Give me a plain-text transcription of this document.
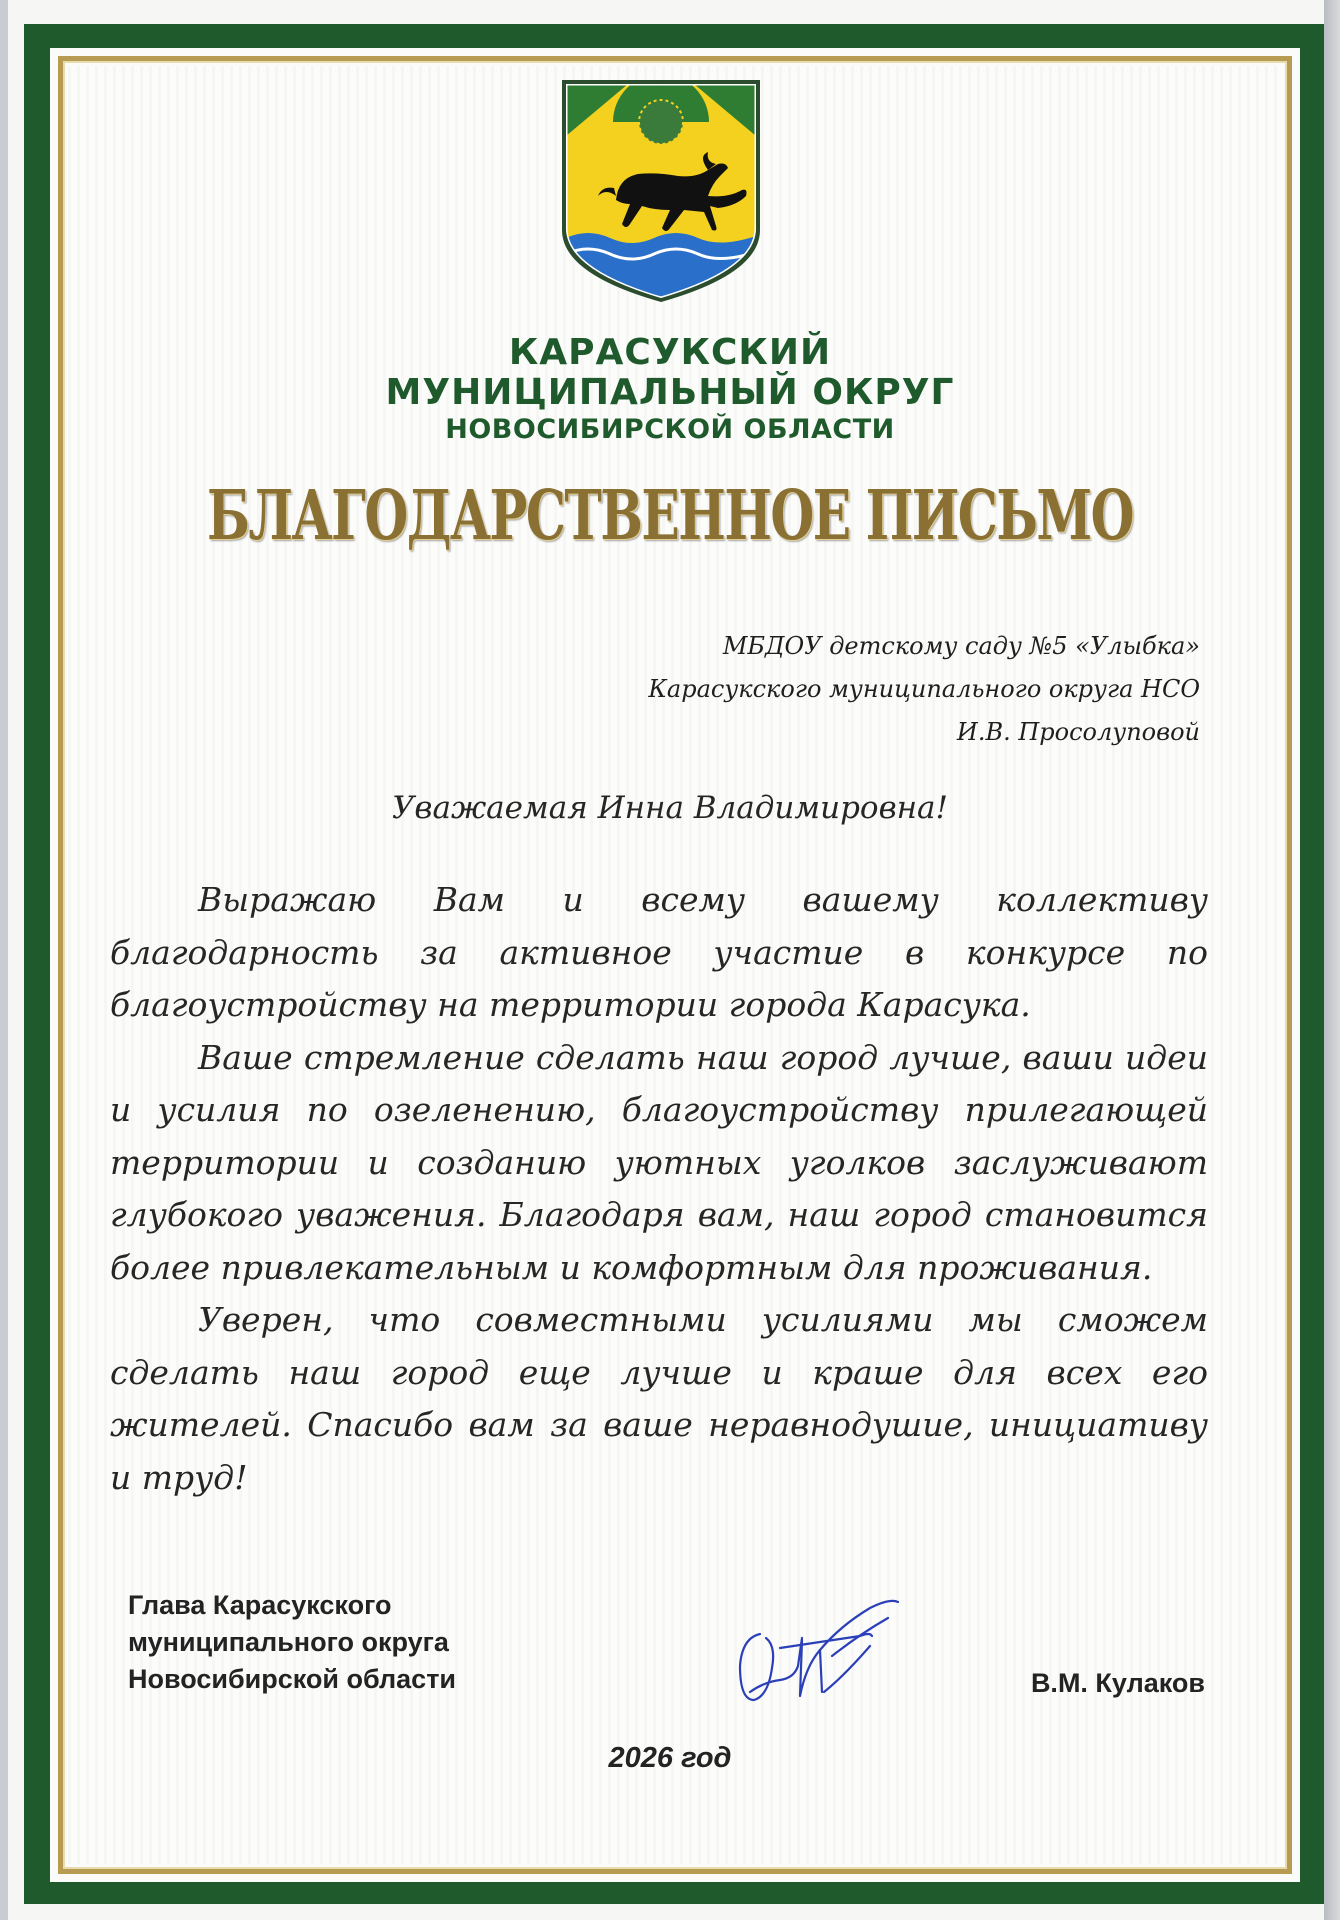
КАРАСУКСКИЙ
МУНИЦИПАЛЬНЫЙ ОКРУГ
НОВОСИБИРСКОЙ ОБЛАСТИ
БЛАГОДАРСТВЕННОЕ ПИСЬМО
МБДОУ детскому саду №5 «Улыбка»
Карасукского муниципального округа НСО
И.В. Просолуповой
Уважаемая Инна Владимировна!

Выражаю Вам и всему вашему коллективу благодарность за активное участие в конкурсе по благоустройству на территории города Карасука.

Ваше стремление сделать наш город лучше, ваши идеи и усилия по озеленению, благоустройству прилегающей территории и созданию уютных уголков заслуживают глубокого уважения. Благодаря вам, наш город становится более привлекательным и комфортным для проживания.

Уверен, что совместными усилиями мы сможем сделать наш город еще лучше и краше для всех его жителей. Спасибо вам за ваше неравнодушие, инициативу и труд!

Глава Карасукского
муниципального округа
Новосибирской области	В.М. Кулаков
2026 год
